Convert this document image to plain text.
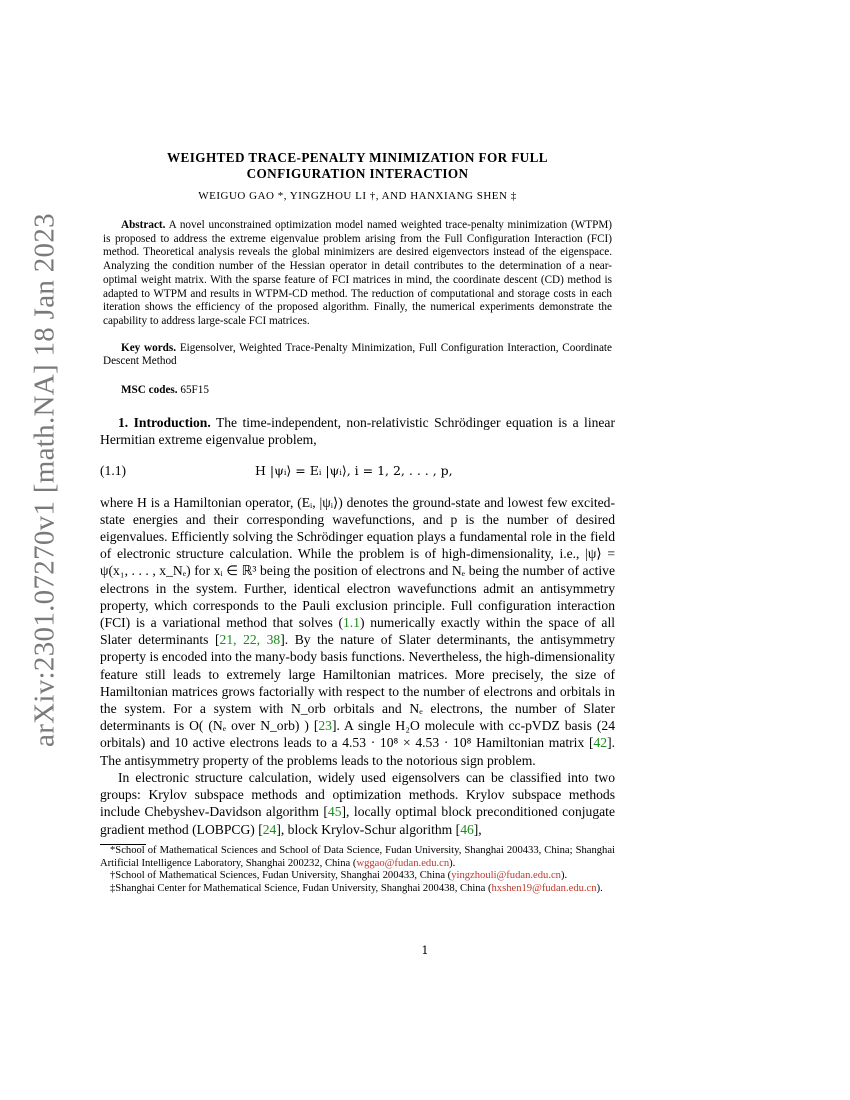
arXiv:2301.07270v1 [math.NA] 18 Jan 2023

WEIGHTED TRACE-PENALTY MINIMIZATION FOR FULL
CONFIGURATION INTERACTION

WEIGUO GAO *, YINGZHOU LI †, AND HANXIANG SHEN ‡
Abstract. A novel unconstrained optimization model named weighted trace-penalty minimization (WTPM) is proposed to address the extreme eigenvalue problem arising from the Full Configuration Interaction (FCI) method. Theoretical analysis reveals the global minimizers are desired eigenvectors instead of the eigenspace. Analyzing the condition number of the Hessian operator in detail contributes to the determination of a near-optimal weight matrix. With the sparse feature of FCI matrices in mind, the coordinate descent (CD) method is adapted to WTPM and results in WTPM-CD method. The reduction of computational and storage costs in each iteration shows the efficiency of the proposed algorithm. Finally, the numerical experiments demonstrate the capability to address large-scale FCI matrices.
Key words. Eigensolver, Weighted Trace-Penalty Minimization, Full Configuration Interaction, Coordinate Descent Method
MSC codes. 65F15
1. Introduction. The time-independent, non-relativistic Schrödinger equation is a linear Hermitian extreme eigenvalue problem,
(1.1)	H |ψᵢ⟩ = Eᵢ |ψᵢ⟩, i = 1, 2, . . . , p,
where H is a Hamiltonian operator, (Eᵢ, |ψᵢ⟩) denotes the ground-state and lowest few excited-state energies and their corresponding wavefunctions, and p is the number of desired eigenvalues. Efficiently solving the Schrödinger equation plays a fundamental role in the field of electronic structure calculation. While the problem is of high-dimensionality, i.e., |ψ⟩ = ψ(x₁, . . . , x_Nₑ) for xᵢ ∈ ℝ³ being the position of electrons and Nₑ being the number of active electrons in the system. Further, identical electron wavefunctions admit an antisymmetry property, which corresponds to the Pauli exclusion principle. Full configuration interaction (FCI) is a variational method that solves (1.1) numerically exactly within the space of all Slater determinants [21, 22, 38]. By the nature of Slater determinants, the antisymmetry property is encoded into the many-body basis functions. Nevertheless, the high-dimensionality feature still leads to extremely large Hamiltonian matrices. More precisely, the size of Hamiltonian matrices grows factorially with respect to the number of electrons and orbitals in the system. For a system with N_orb orbitals and Nₑ electrons, the number of Slater determinants is O( (Nₑ over N_orb) ) [23]. A single H₂O molecule with cc-pVDZ basis (24 orbitals) and 10 active electrons leads to a 4.53 · 10⁸ × 4.53 · 10⁸ Hamiltonian matrix [42]. The antisymmetry property of the problems leads to the notorious sign problem.
In electronic structure calculation, widely used eigensolvers can be classified into two groups: Krylov subspace methods and optimization methods. Krylov subspace methods include Chebyshev-Davidson algorithm [45], locally optimal block preconditioned conjugate gradient method (LOBPCG) [24], block Krylov-Schur algorithm [46],
*School of Mathematical Sciences and School of Data Science, Fudan University, Shanghai 200433, China; Shanghai Artificial Intelligence Laboratory, Shanghai 200232, China (wggao@fudan.edu.cn).
†School of Mathematical Sciences, Fudan University, Shanghai 200433, China (yingzhouli@fudan.edu.cn).
‡Shanghai Center for Mathematical Science, Fudan University, Shanghai 200438, China (hxshen19@fudan.edu.cn).
1
